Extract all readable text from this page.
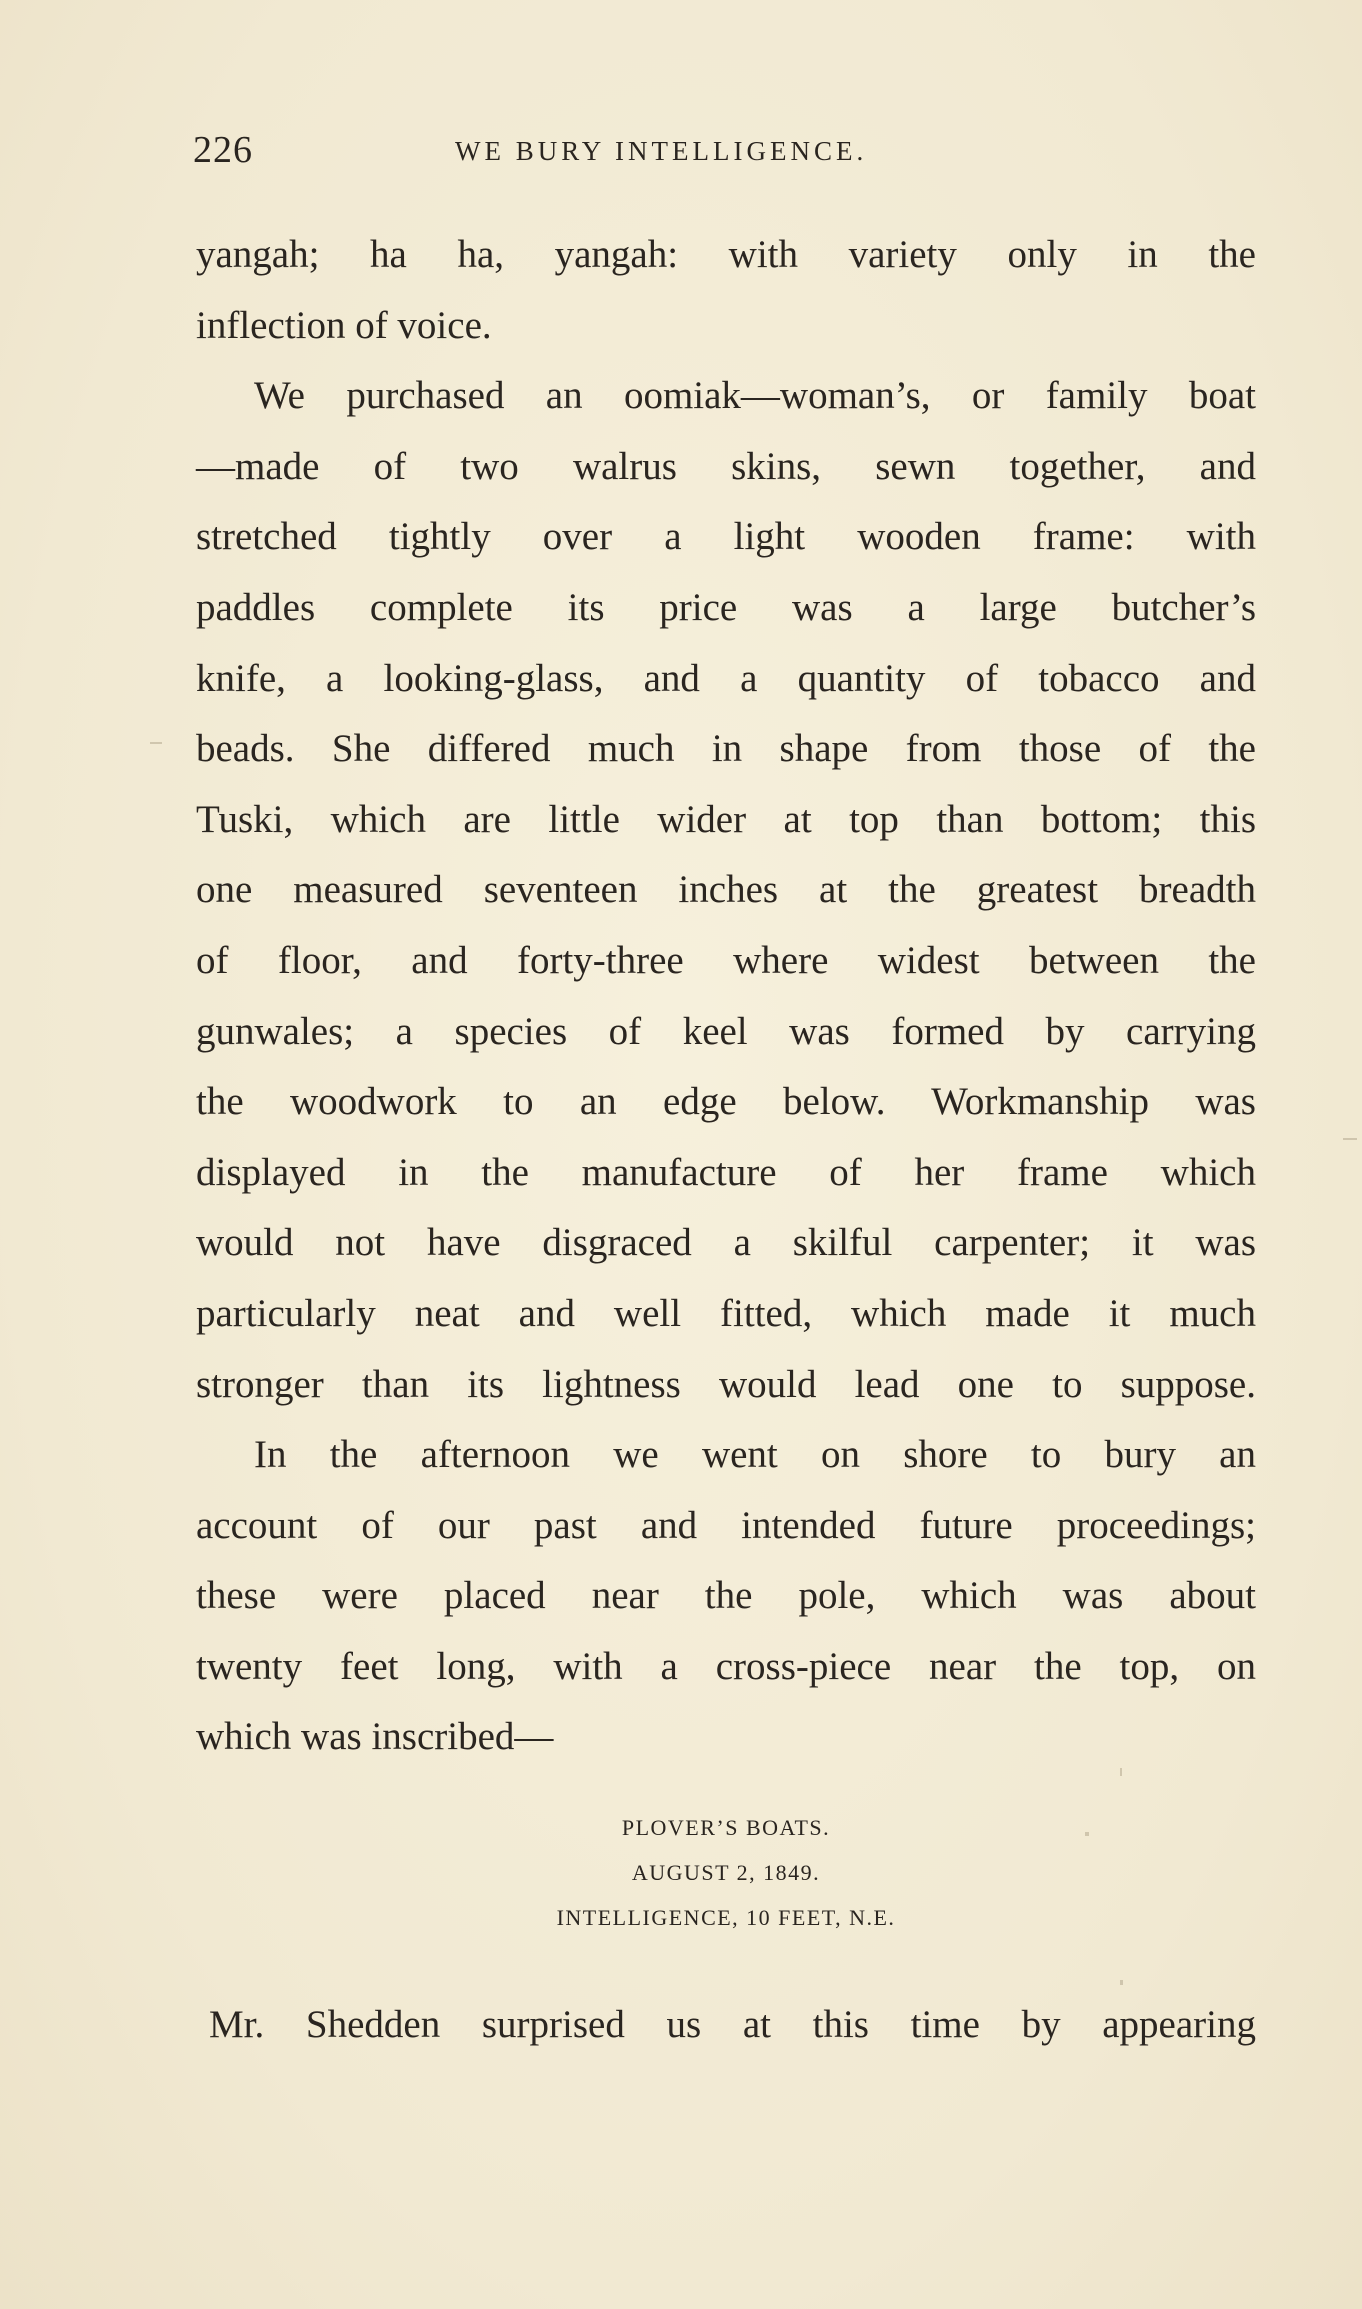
226	WE BURY INTELLIGENCE.
yangah; ha ha, yangah: with variety only in the
inflection of voice.
We purchased an oomiak—woman’s, or family boat
—made of two walrus skins, sewn together, and
stretched tightly over a light wooden frame: with
paddles complete its price was a large butcher’s
knife, a looking-glass, and a quantity of tobacco and
beads. She differed much in shape from those of the
Tuski, which are little wider at top than bottom; this
one measured seventeen inches at the greatest breadth
of floor, and forty-three where widest between the
gunwales; a species of keel was formed by carrying
the woodwork to an edge below. Workmanship was
displayed in the manufacture of her frame which
would not have disgraced a skilful carpenter; it was
particularly neat and well fitted, which made it much
stronger than its lightness would lead one to suppose.
In the afternoon we went on shore to bury an
account of our past and intended future proceedings;
these were placed near the pole, which was about
twenty feet long, with a cross-piece near the top, on
which was inscribed—
PLOVER’S BOATS.
AUGUST 2, 1849.
INTELLIGENCE, 10 FEET, N.E.
Mr. Shedden surprised us at this time by appearing
